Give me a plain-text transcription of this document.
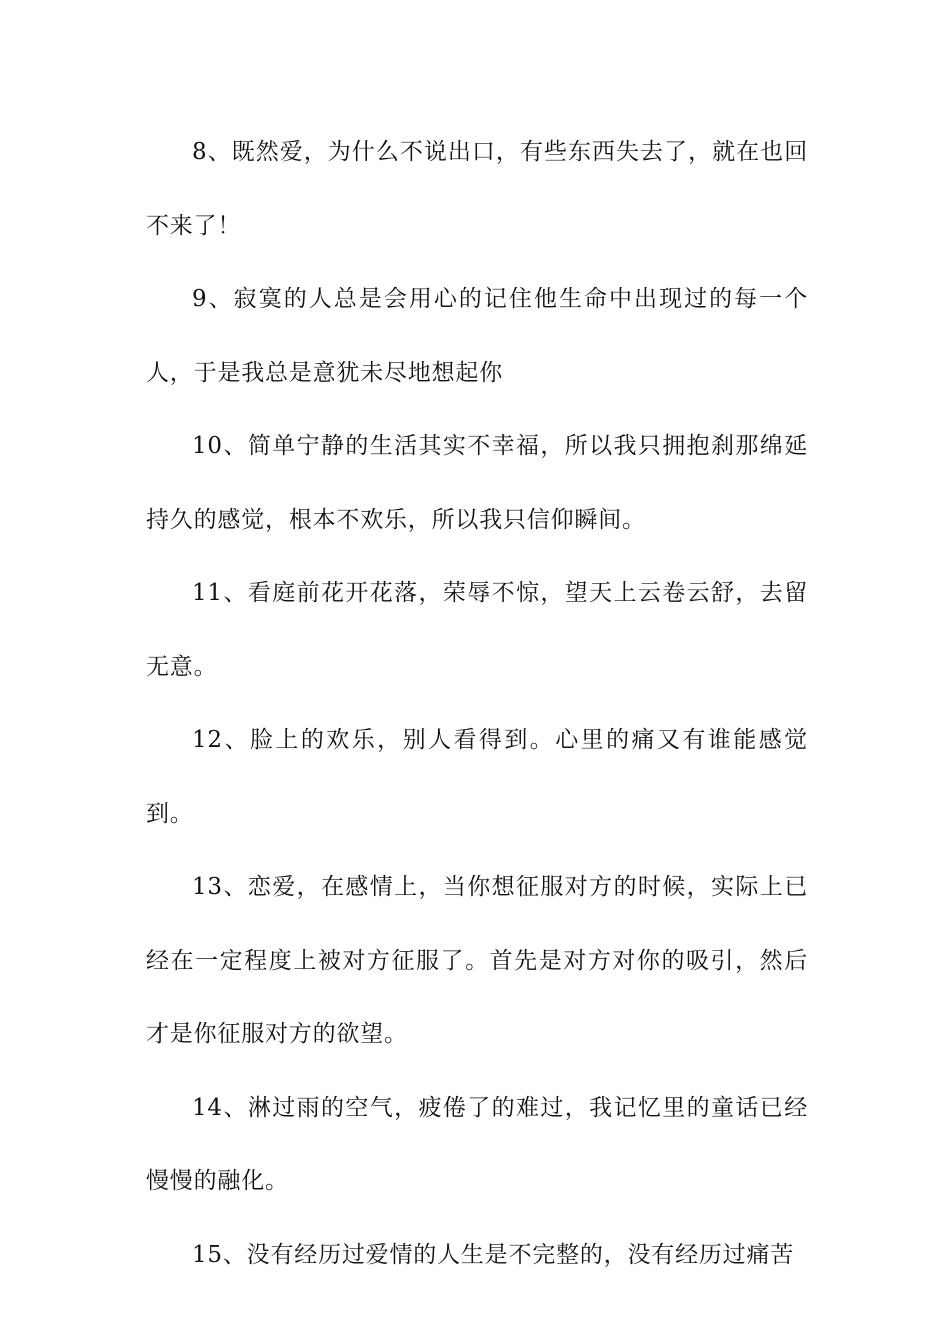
8、既然爱，为什么不说出口，有些东西失去了，就在也回不来了！

9、寂寞的人总是会用心的记住他生命中出现过的每一个人，于是我总是意犹未尽地想起你

10、简单宁静的生活其实不幸福，所以我只拥抱刹那绵延持久的感觉，根本不欢乐，所以我只信仰瞬间。

11、看庭前花开花落，荣辱不惊，望天上云卷云舒，去留无意。

12、脸上的欢乐，别人看得到。心里的痛又有谁能感觉到。

13、恋爱，在感情上，当你想征服对方的时候，实际上已经在一定程度上被对方征服了。首先是对方对你的吸引，然后才是你征服对方的欲望。

14、淋过雨的空气，疲倦了的难过，我记忆里的童话已经慢慢的融化。

15、没有经历过爱情的人生是不完整的，没有经历过痛苦
